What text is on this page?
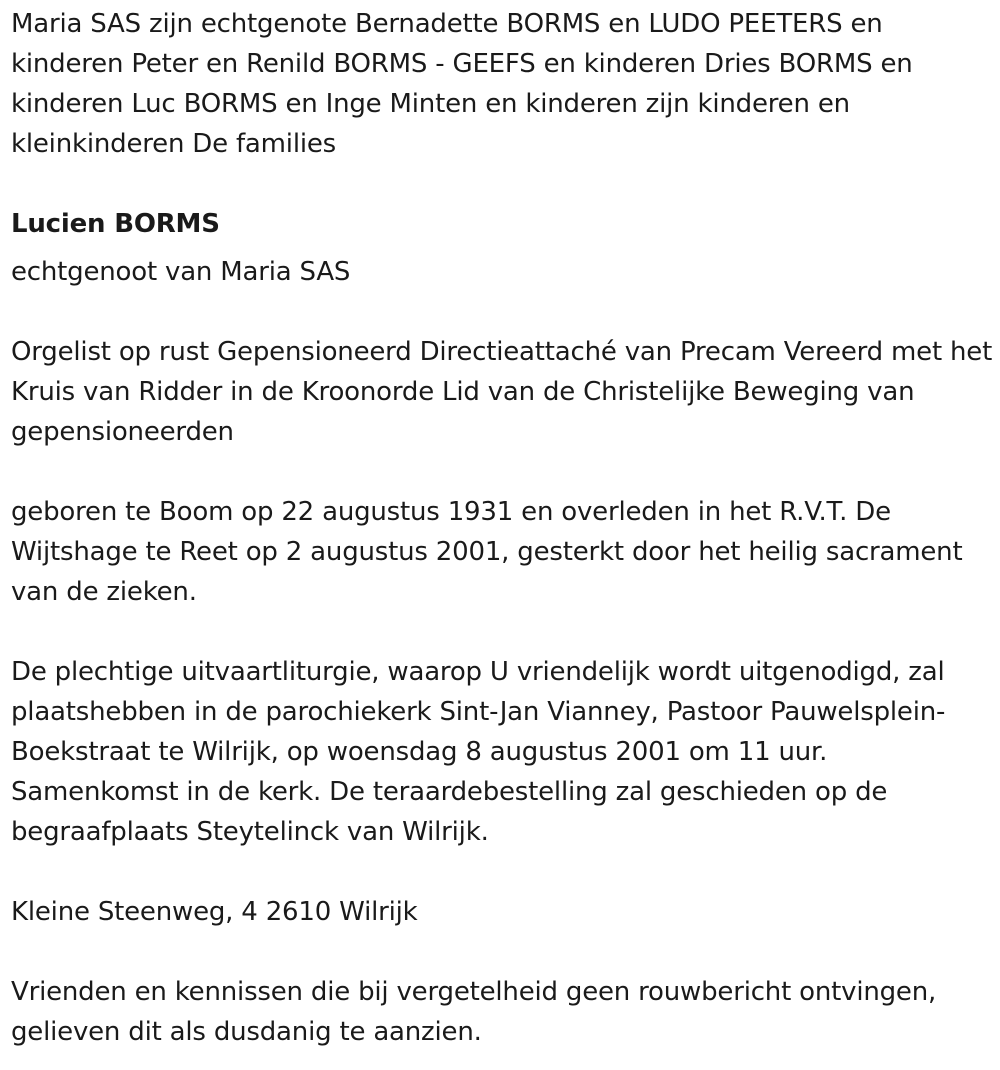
Maria SAS zijn echtgenote Bernadette BORMS en LUDO PEETERS en kinderen Peter en Renild BORMS - GEEFS en kinderen Dries BORMS en kinderen Luc BORMS en Inge Minten en kinderen zijn kinderen en kleinkinderen De families

Lucien BORMS

echtgenoot van Maria SAS

Orgelist op rust Gepensioneerd Directieattaché van Precam Vereerd met het Kruis van Ridder in de Kroonorde Lid van de Christelijke Beweging van gepensioneerden

geboren te Boom op 22 augustus 1931 en overleden in het R.V.T. De Wijtshage te Reet op 2 augustus 2001, gesterkt door het heilig sacrament van de zieken.

De plechtige uitvaartliturgie, waarop U vriendelijk wordt uitgenodigd, zal plaatshebben in de parochiekerk Sint-Jan Vianney, Pastoor Pauwelsplein-Boekstraat te Wilrijk, op woensdag 8 augustus 2001 om 11 uur. Samenkomst in de kerk. De teraardebestelling zal geschieden op de begraafplaats Steytelinck van Wilrijk.

Kleine Steenweg, 4 2610 Wilrijk

Vrienden en kennissen die bij vergetelheid geen rouwbericht ontvingen, gelieven dit als dusdanig te aanzien.
